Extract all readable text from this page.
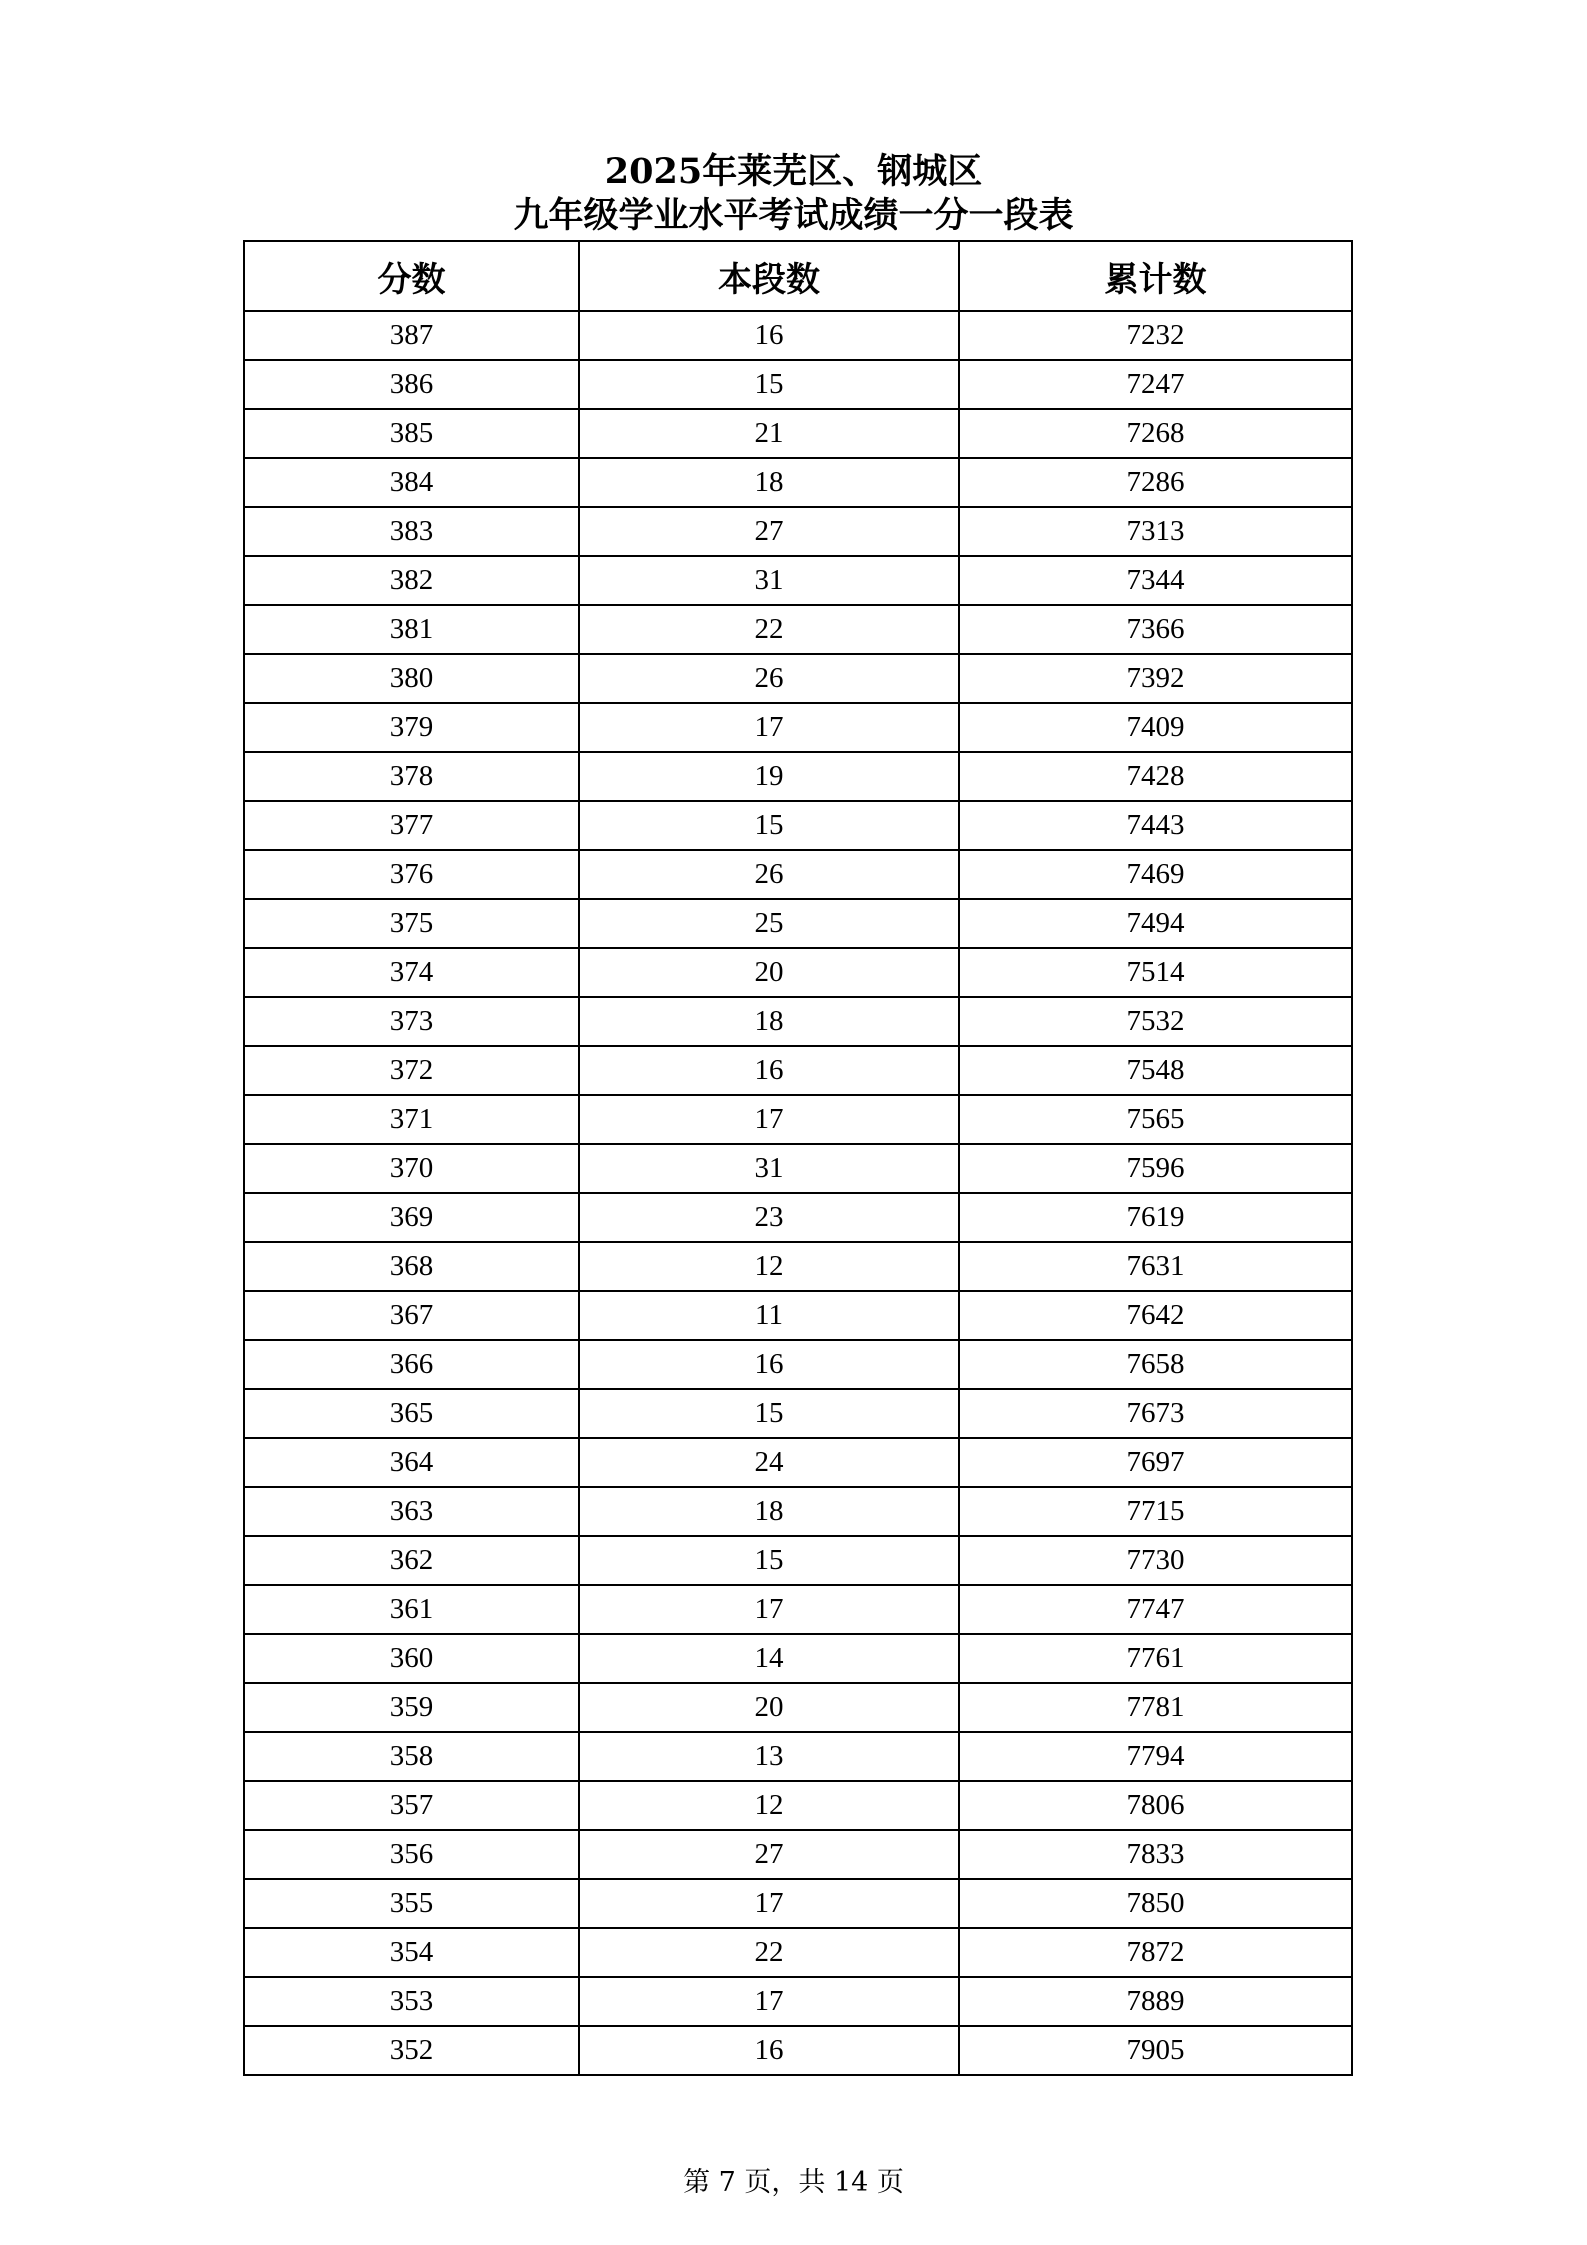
2025年莱芜区、钢城区
九年级学业水平考试成绩一分一段表
分数	本段数	累计数
387	16	7232
386	15	7247
385	21	7268
384	18	7286
383	27	7313
382	31	7344
381	22	7366
380	26	7392
379	17	7409
378	19	7428
377	15	7443
376	26	7469
375	25	7494
374	20	7514
373	18	7532
372	16	7548
371	17	7565
370	31	7596
369	23	7619
368	12	7631
367	11	7642
366	16	7658
365	15	7673
364	24	7697
363	18	7715
362	15	7730
361	17	7747
360	14	7761
359	20	7781
358	13	7794
357	12	7806
356	27	7833
355	17	7850
354	22	7872
353	17	7889
352	16	7905
第 7 页，共 14 页
